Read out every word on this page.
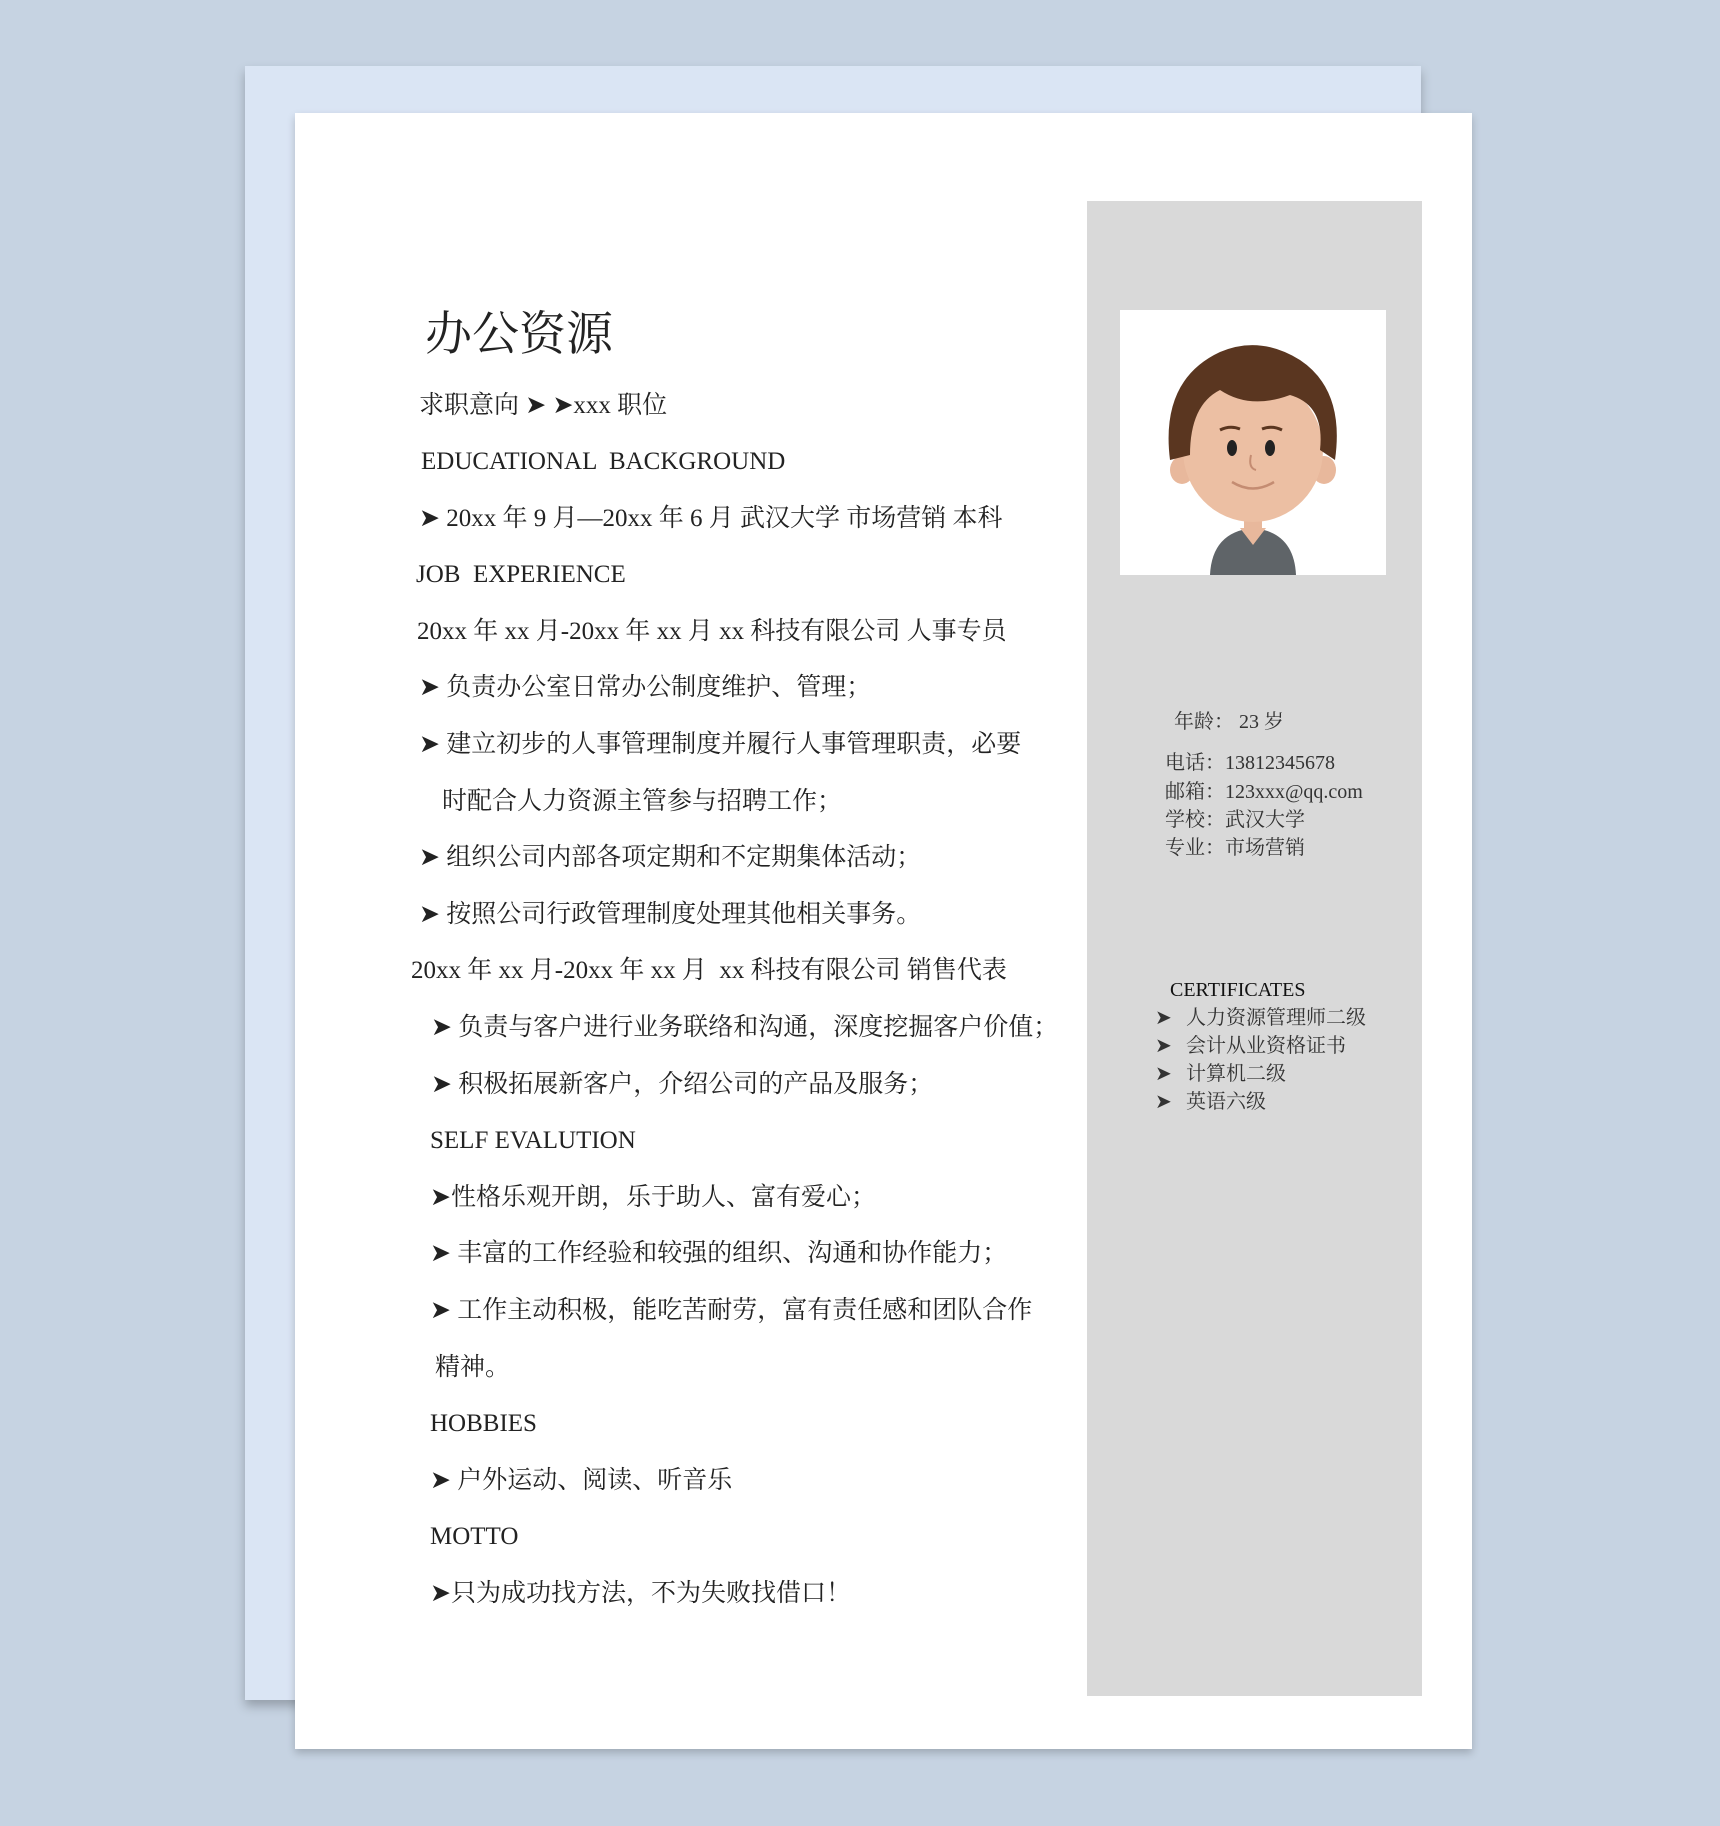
办公资源
求职意向 ➤ ➤xxx 职位
EDUCATIONAL  BACKGROUND
➤ 20xx 年 9 月—20xx 年 6 月 武汉大学 市场营销 本科
JOB  EXPERIENCE
20xx 年 xx 月-20xx 年 xx 月 xx 科技有限公司 人事专员
➤ 负责办公室日常办公制度维护、管理；
➤ 建立初步的人事管理制度并履行人事管理职责，必要
时配合人力资源主管参与招聘工作；
➤ 组织公司内部各项定期和不定期集体活动；
➤ 按照公司行政管理制度处理其他相关事务。
20xx 年 xx 月-20xx 年 xx 月  xx 科技有限公司 销售代表
➤ 负责与客户进行业务联络和沟通，深度挖掘客户价值；
➤ 积极拓展新客户，介绍公司的产品及服务；
SELF EVALUTION
➤性格乐观开朗，乐于助人、富有爱心；
➤ 丰富的工作经验和较强的组织、沟通和协作能力；
➤ 工作主动积极，能吃苦耐劳，富有责任感和团队合作
精神。
HOBBIES
➤ 户外运动、阅读、听音乐
MOTTO
➤只为成功找方法，不为失败找借口！
年龄： 23 岁
电话：13812345678
邮箱：123xxx@qq.com
学校：武汉大学
专业：市场营销
CERTIFICATES
➤ 人力资源管理师二级
➤ 会计从业资格证书
➤ 计算机二级
➤ 英语六级
